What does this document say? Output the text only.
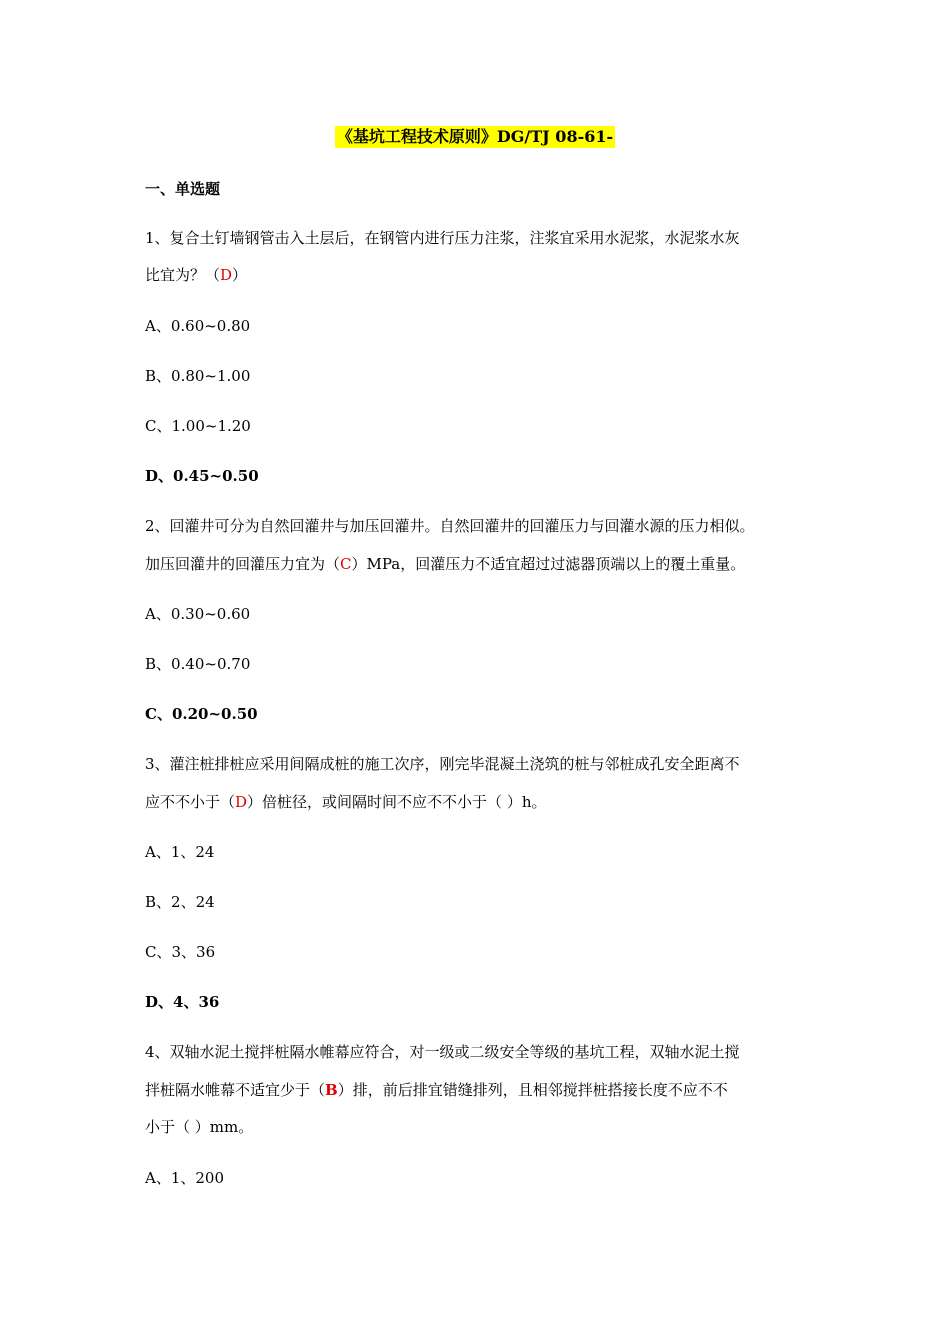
《基坑工程技术原则》DG/TJ 08-61-
一、单选题
1、复合土钉墙钢管击入土层后，在钢管内进行压力注浆，注浆宜采用水泥浆，水泥浆水灰
比宜为？（D）
A、0.60~0.80
B、0.80~1.00
C、1.00~1.20
D、0.45~0.50
2、回灌井可分为自然回灌井与加压回灌井。自然回灌井的回灌压力与回灌水源的压力相似。
加压回灌井的回灌压力宜为（C）MPa，回灌压力不适宜超过过滤器顶端以上的覆土重量。
A、0.30~0.60
B、0.40~0.70
C、0.20~0.50
3、灌注桩排桩应采用间隔成桩的施工次序，刚完毕混凝土浇筑的桩与邻桩成孔安全距离不
应不不小于（D）倍桩径，或间隔时间不应不不小于（ ）h。
A、1、24
B、2、24
C、3、36
D、4、36
4、双轴水泥土搅拌桩隔水帷幕应符合，对一级或二级安全等级的基坑工程，双轴水泥土搅
拌桩隔水帷幕不适宜少于（B）排，前后排宜错缝排列，且相邻搅拌桩搭接长度不应不不
小于（ ）mm。
A、1、200
